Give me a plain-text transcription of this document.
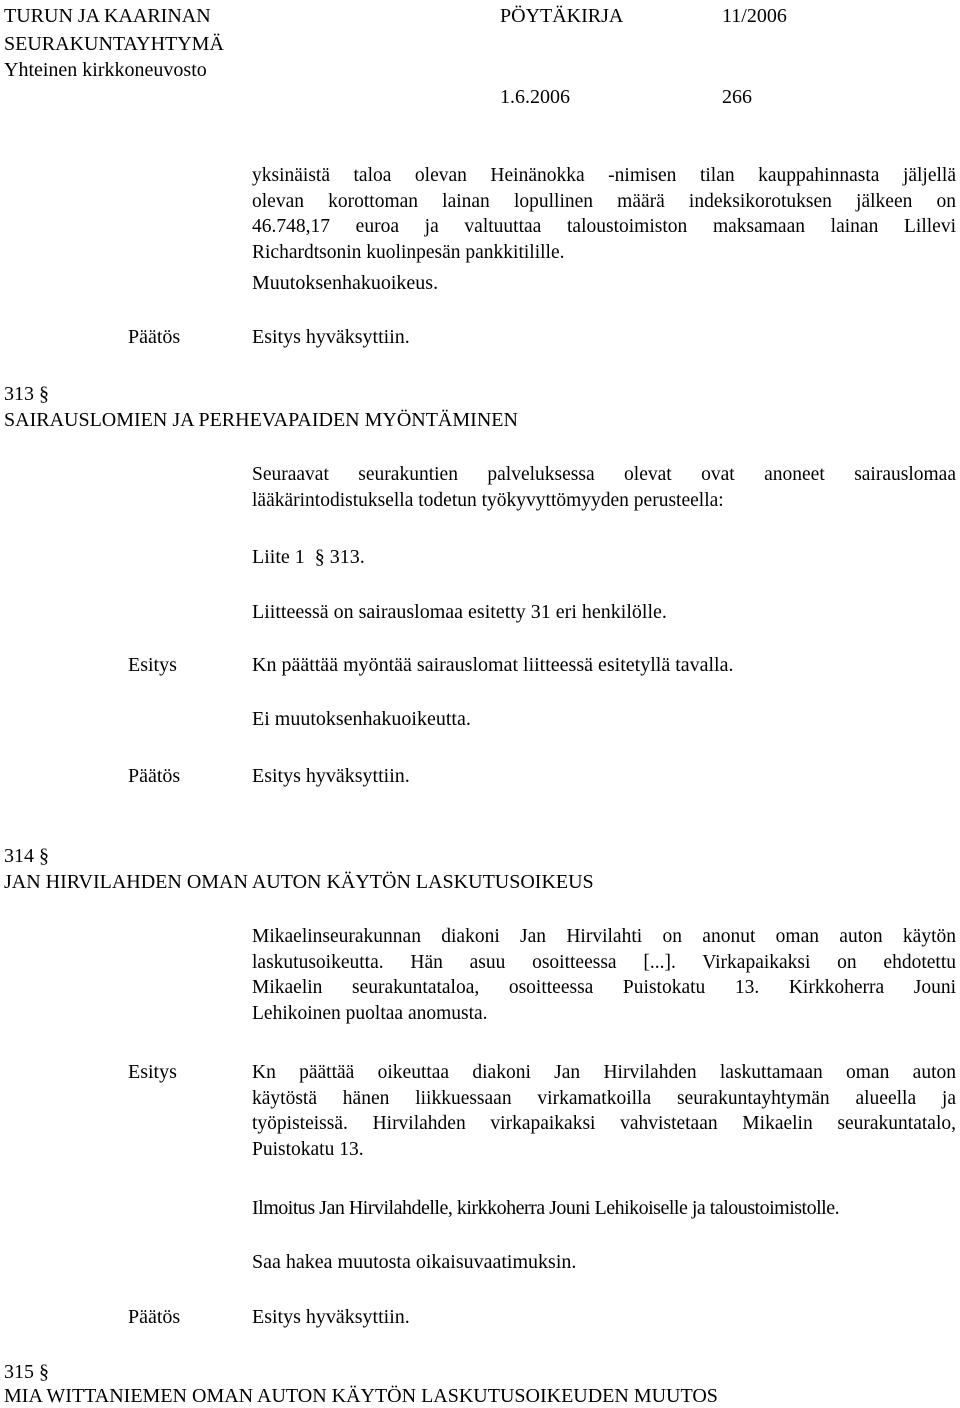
TURUN JA KAARINAN
SEURAKUNTAYHTYMÄ
Yhteinen kirkkoneuvosto
PÖYTÄKIRJA	11/2006
1.6.2006	266
yksinäistä taloa olevan Heinänokka -nimisen tilan kauppahinnasta jäljellä
olevan korottoman lainan lopullinen määrä indeksikorotuksen jälkeen on
46.748,17 euroa ja valtuuttaa taloustoimiston maksamaan lainan Lillevi
Richardtsonin kuolinpesän pankkitilille.
Muutoksenhakuoikeus.
Päätös	Esitys hyväksyttiin.
313 §
SAIRAUSLOMIEN JA PERHEVAPAIDEN MYÖNTÄMINEN
Seuraavat seurakuntien palveluksessa olevat ovat anoneet sairauslomaa
lääkärintodistuksella todetun työkyvyttömyyden perusteella:
Liite 1  § 313.
Liitteessä on sairauslomaa esitetty 31 eri henkilölle.
Esitys	Kn päättää myöntää sairauslomat liitteessä esitetyllä tavalla.
Ei muutoksenhakuoikeutta.
Päätös	Esitys hyväksyttiin.
314 §
JAN HIRVILAHDEN OMAN AUTON KÄYTÖN LASKUTUSOIKEUS
Mikaelinseurakunnan diakoni Jan Hirvilahti on anonut oman auton käytön
laskutusoikeutta. Hän asuu osoitteessa [...]. Virkapaikaksi on ehdotettu
Mikaelin seurakuntataloa, osoitteessa Puistokatu 13. Kirkkoherra Jouni
Lehikoinen puoltaa anomusta.
Esitys	Kn päättää oikeuttaa diakoni Jan Hirvilahden laskuttamaan oman auton
käytöstä hänen liikkuessaan virkamatkoilla seurakuntayhtymän alueella ja
työpisteissä. Hirvilahden virkapaikaksi vahvistetaan Mikaelin seurakuntatalo,
Puistokatu 13.
Ilmoitus Jan Hirvilahdelle, kirkkoherra Jouni Lehikoiselle ja taloustoimistolle.
Saa hakea muutosta oikaisuvaatimuksin.
Päätös	Esitys hyväksyttiin.
315 §
MIA WITTANIEMEN OMAN AUTON KÄYTÖN LASKUTUSOIKEUDEN MUUTOS
